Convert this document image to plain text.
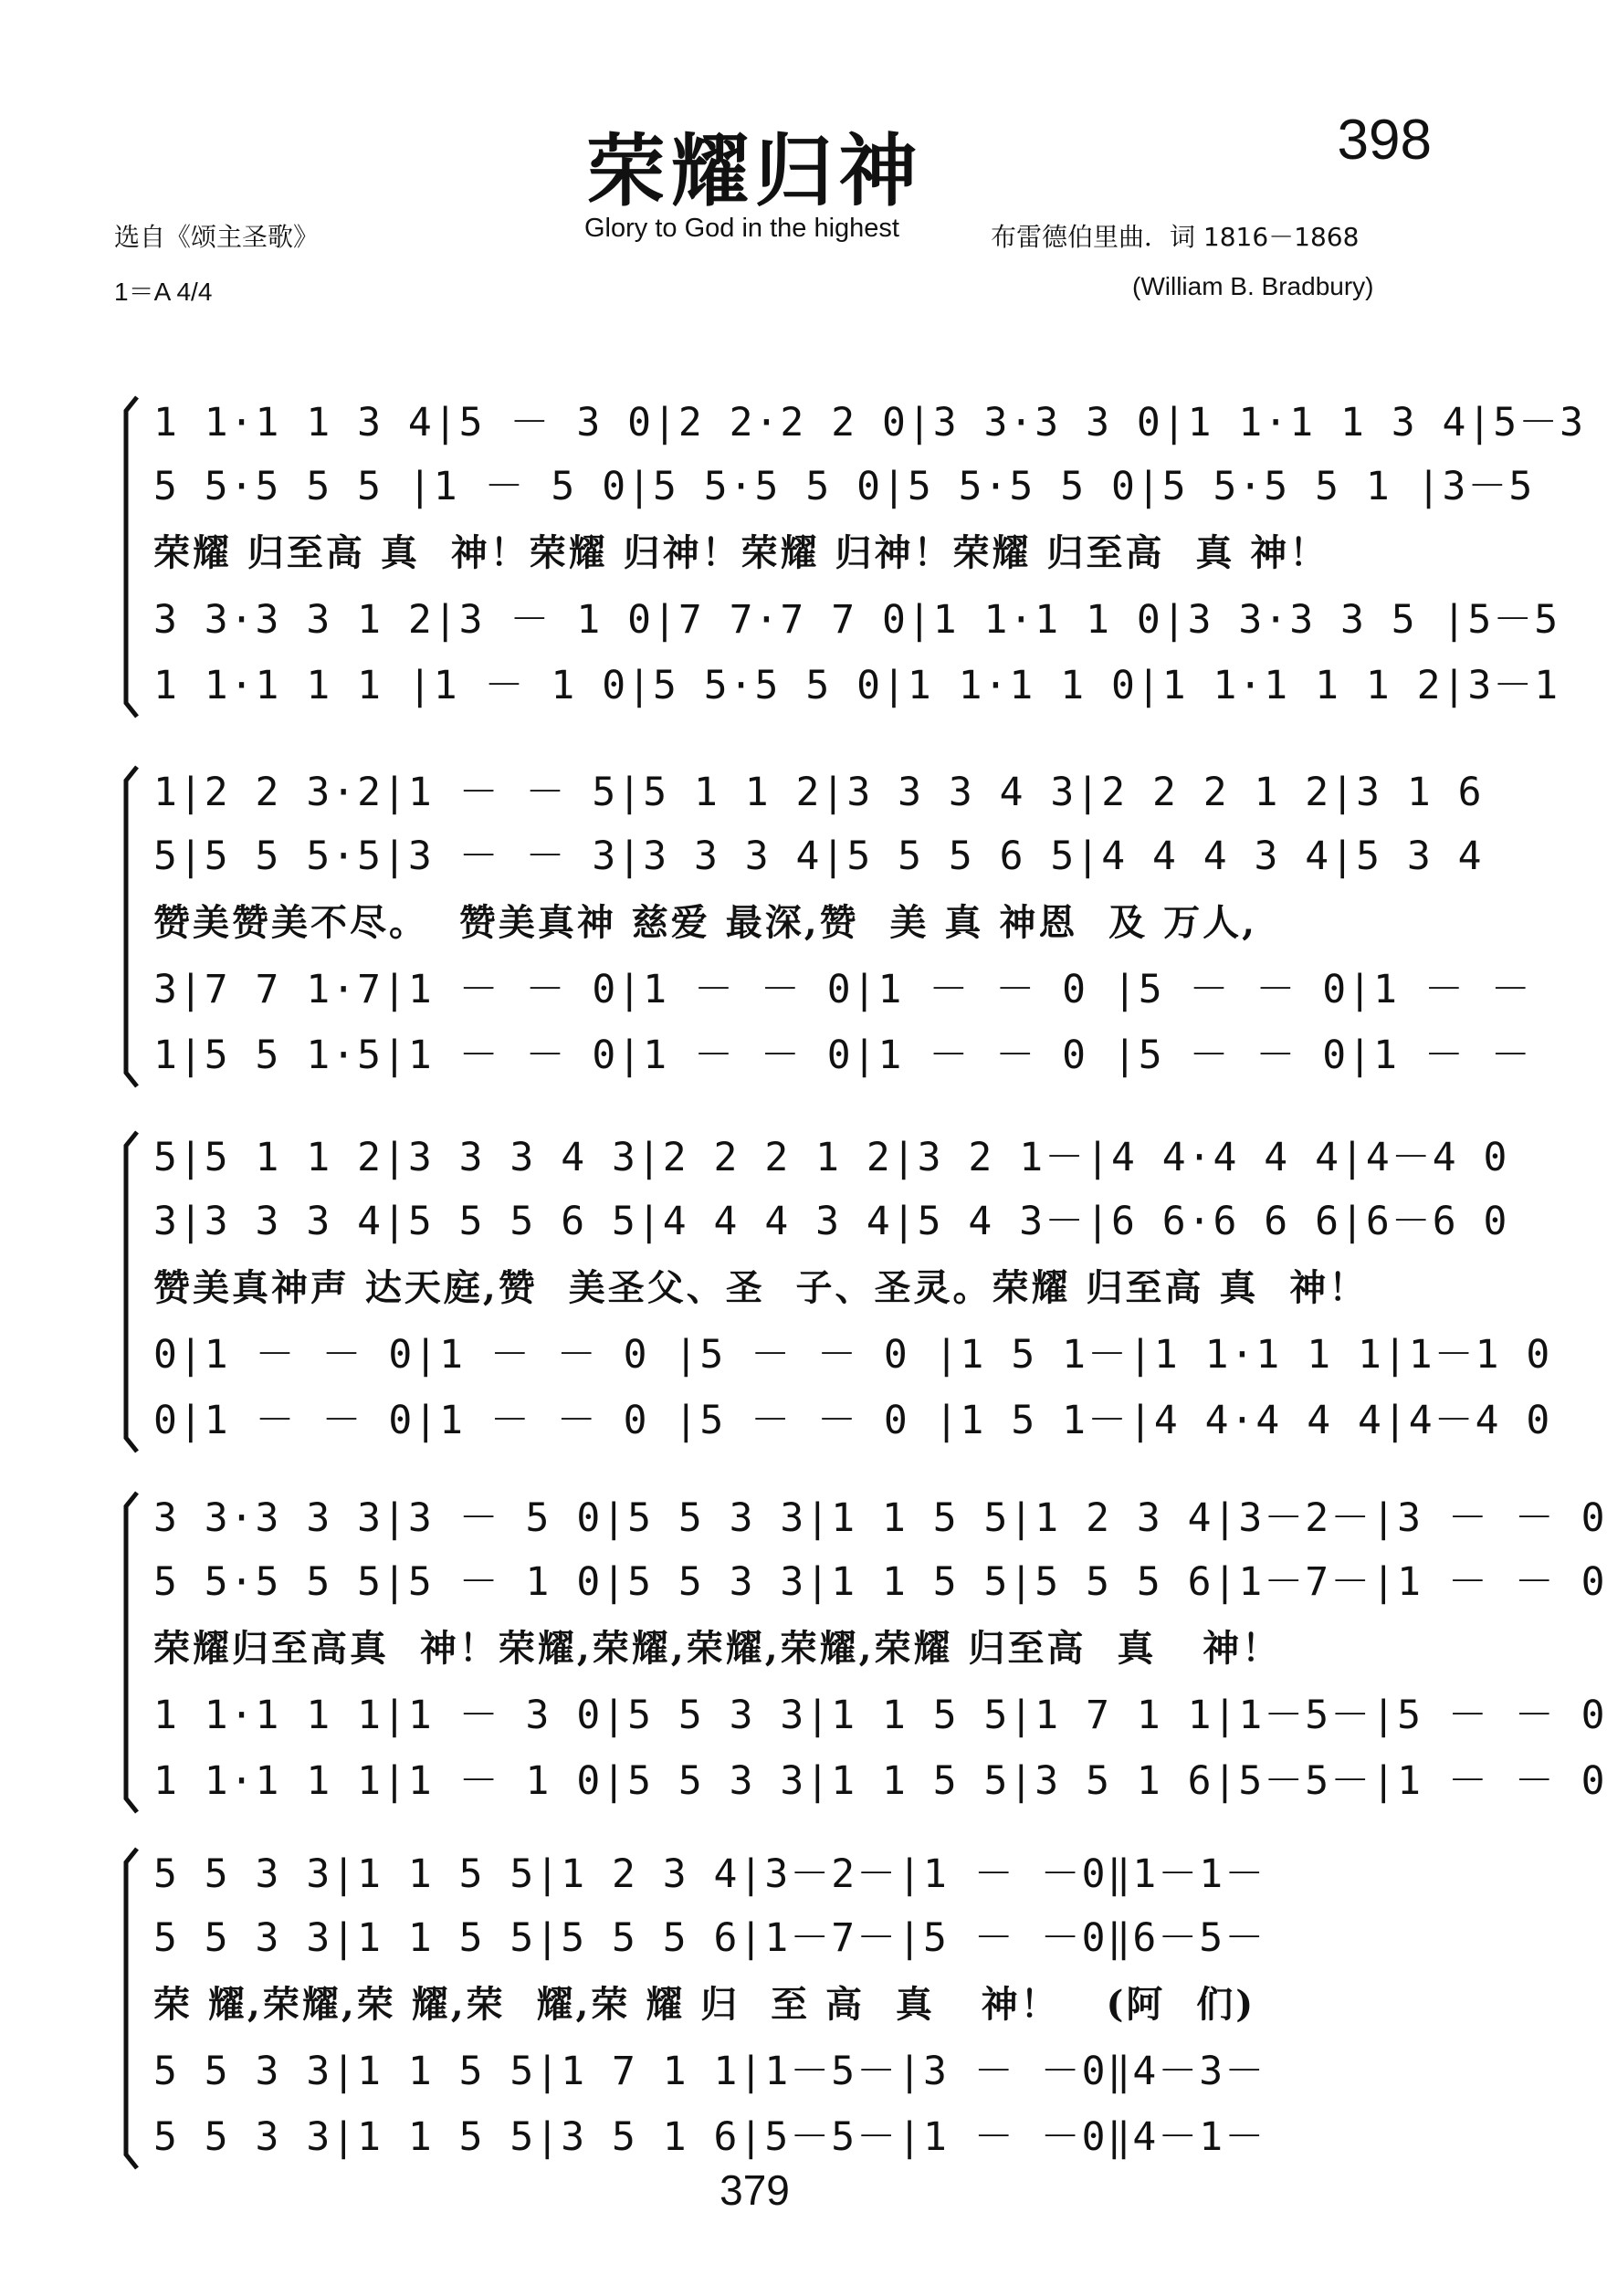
荣耀归神	398
选自《颂主圣歌》	Glory to God in the highest	布雷德伯里曲．词 1816－1868
1＝A 4/4	(William B. Bradbury)
1 1·1 1 3 4|5 － 3 0|2 2·2 2 0|3 3·3 3 0|1 1·1 1 3 4|5－3
5 5·5 5 5 |1 － 5 0|5 5·5 5 0|5 5·5 5 0|5 5·5 5 1 |3－5
荣耀 归至高 真  神！荣耀 归神！荣耀 归神！荣耀 归至高  真 神！
3 3·3 3 1 2|3 － 1 0|7 7·7 7 0|1 1·1 1 0|3 3·3 3 5 |5－5
1 1·1 1 1 |1 － 1 0|5 5·5 5 0|1 1·1 1 0|1 1·1 1 1 2|3－1
1|2 2 3·2|1 － － 5|5 1 1 2|3 3 3 4 3|2 2 2 1 2|3 1 6
5|5 5 5·5|3 － － 3|3 3 3 4|5 5 5 6 5|4 4 4 3 4|5 3 4
赞美赞美不尽。  赞美真神 慈爱 最深,赞  美 真 神恩  及 万人,
3|7 7 1·7|1 － － 0|1 － － 0|1 － － 0 |5 － － 0|1 － －
1|5 5 1·5|1 － － 0|1 － － 0|1 － － 0 |5 － － 0|1 － －
5|5 1 1 2|3 3 3 4 3|2 2 2 1 2|3 2 1－|4 4·4 4 4|4－4 0
3|3 3 3 4|5 5 5 6 5|4 4 4 3 4|5 4 3－|6 6·6 6 6|6－6 0
赞美真神声 达天庭,赞  美圣父、圣  子、圣灵。荣耀 归至高 真  神！
0|1 － － 0|1 － － 0 |5 － － 0 |1 5 1－|1 1·1 1 1|1－1 0
0|1 － － 0|1 － － 0 |5 － － 0 |1 5 1－|4 4·4 4 4|4－4 0
3 3·3 3 3|3 － 5 0|5 5 3 3|1 1 5 5|1 2 3 4|3－2－|3 － － 0
5 5·5 5 5|5 － 1 0|5 5 3 3|1 1 5 5|5 5 5 6|1－7－|1 － － 0
荣耀归至高真  神！荣耀,荣耀,荣耀,荣耀,荣耀 归至高  真   神！
1 1·1 1 1|1 － 3 0|5 5 3 3|1 1 5 5|1 7 1 1|1－5－|5 － － 0
1 1·1 1 1|1 － 1 0|5 5 3 3|1 1 5 5|3 5 1 6|5－5－|1 － － 0
5 5 3 3|1 1 5 5|1 2 3 4|3－2－|1 － －0‖1－1－
5 5 3 3|1 1 5 5|5 5 5 6|1－7－|5 － －0‖6－5－
荣 耀,荣耀,荣 耀,荣  耀,荣 耀 归  至 高  真   神！   (阿  们)
5 5 3 3|1 1 5 5|1 7 1 1|1－5－|3 － －0‖4－3－
5 5 3 3|1 1 5 5|3 5 1 6|5－5－|1 － －0‖4－1－
379
